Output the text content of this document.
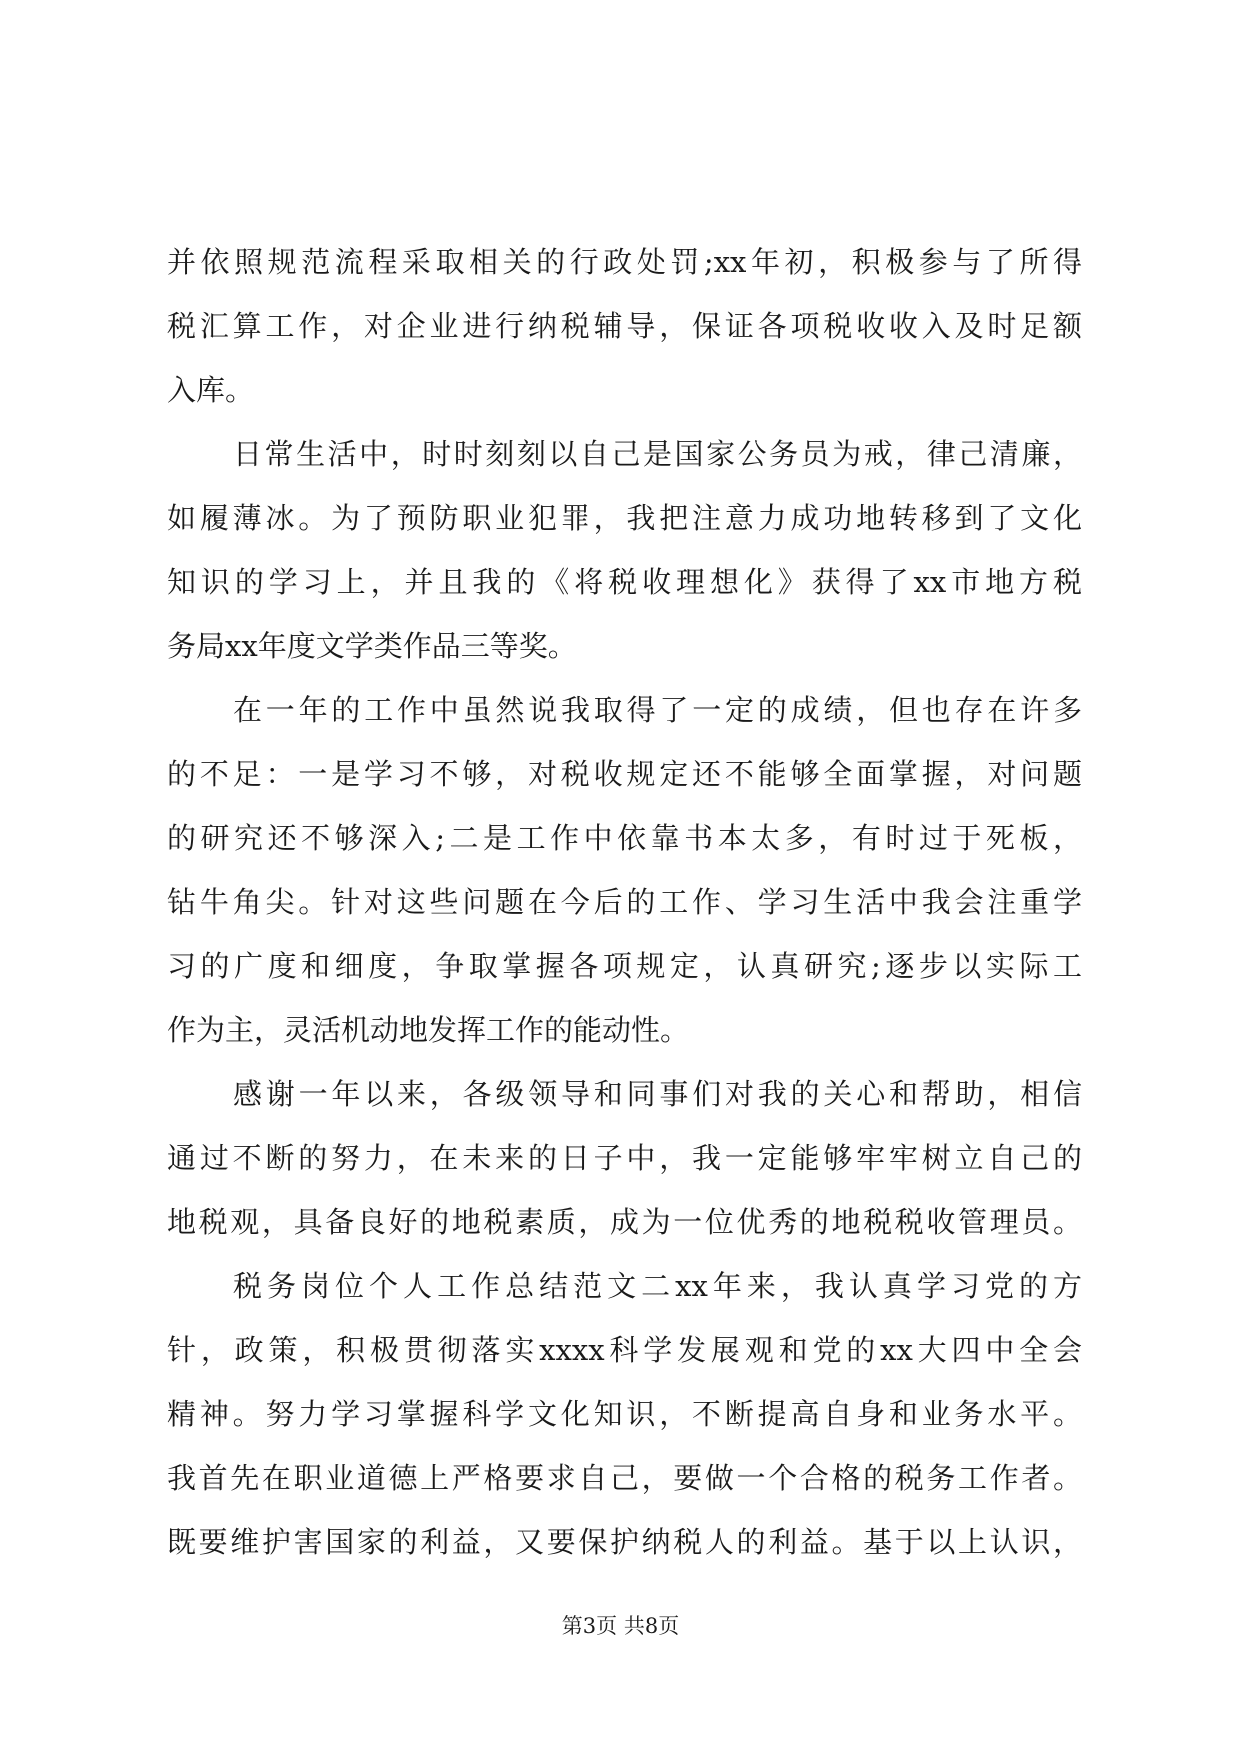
并依照规范流程采取相关的行政处罚;xx年初，积极参与了所得
税汇算工作，对企业进行纳税辅导，保证各项税收收入及时足额
入库。
日常生活中，时时刻刻以自己是国家公务员为戒，律己清廉，
如履薄冰。为了预防职业犯罪，我把注意力成功地转移到了文化
知识的学习上，并且我的《将税收理想化》获得了xx市地方税
务局xx年度文学类作品三等奖。
在一年的工作中虽然说我取得了一定的成绩，但也存在许多
的不足：一是学习不够，对税收规定还不能够全面掌握，对问题
的研究还不够深入;二是工作中依靠书本太多，有时过于死板，
钻牛角尖。针对这些问题在今后的工作、学习生活中我会注重学
习的广度和细度，争取掌握各项规定，认真研究;逐步以实际工
作为主，灵活机动地发挥工作的能动性。
感谢一年以来，各级领导和同事们对我的关心和帮助，相信
通过不断的努力，在未来的日子中，我一定能够牢牢树立自己的
地税观，具备良好的地税素质，成为一位优秀的地税税收管理员。
税务岗位个人工作总结范文二xx年来，我认真学习党的方
针，政策，积极贯彻落实xxxx科学发展观和党的xx大四中全会
精神。努力学习掌握科学文化知识，不断提高自身和业务水平。
我首先在职业道德上严格要求自己，要做一个合格的税务工作者。
既要维护害国家的利益，又要保护纳税人的利益。基于以上认识，
第3页 共8页
